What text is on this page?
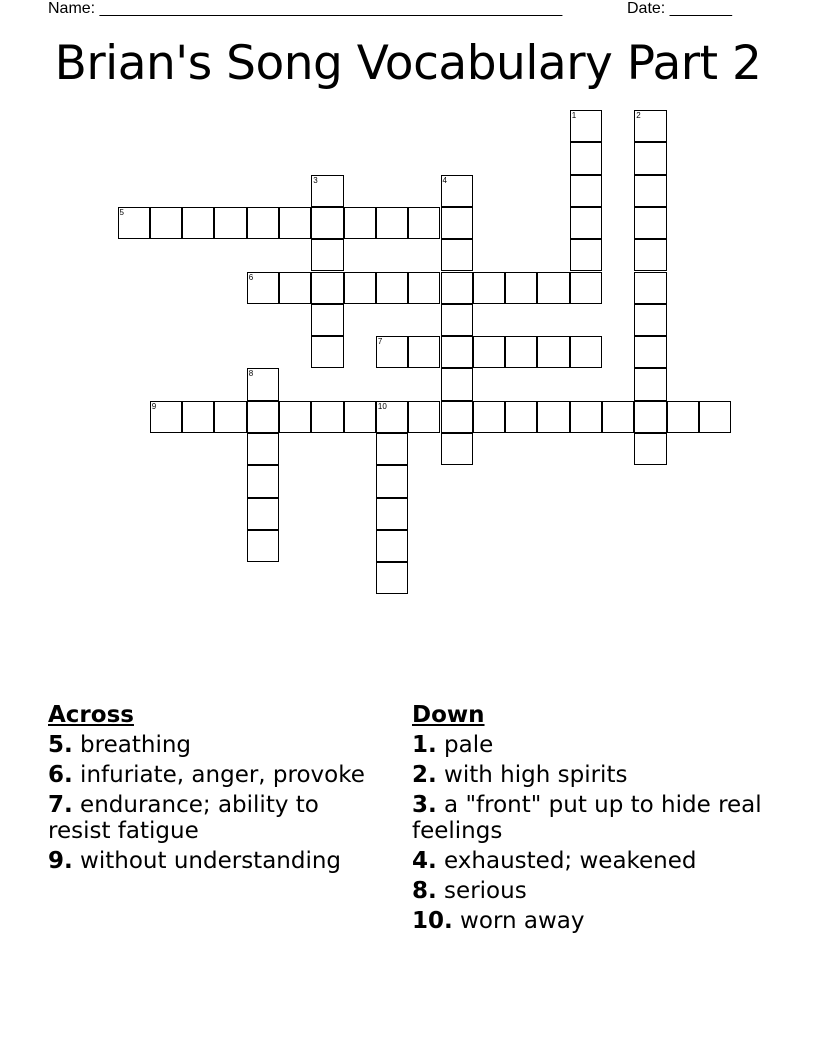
Name: ____________________________________________________	Date: _______
Brian's Song Vocabulary Part 2
1	2
3	4
5
6
7
8
9	10
Across
5. breathing
6. infuriate, anger, provoke
7. endurance; ability to resist fatigue
9. without understanding
Down
1. pale
2. with high spirits
3. a "front" put up to hide real feelings
4. exhausted; weakened
8. serious
10. worn away
